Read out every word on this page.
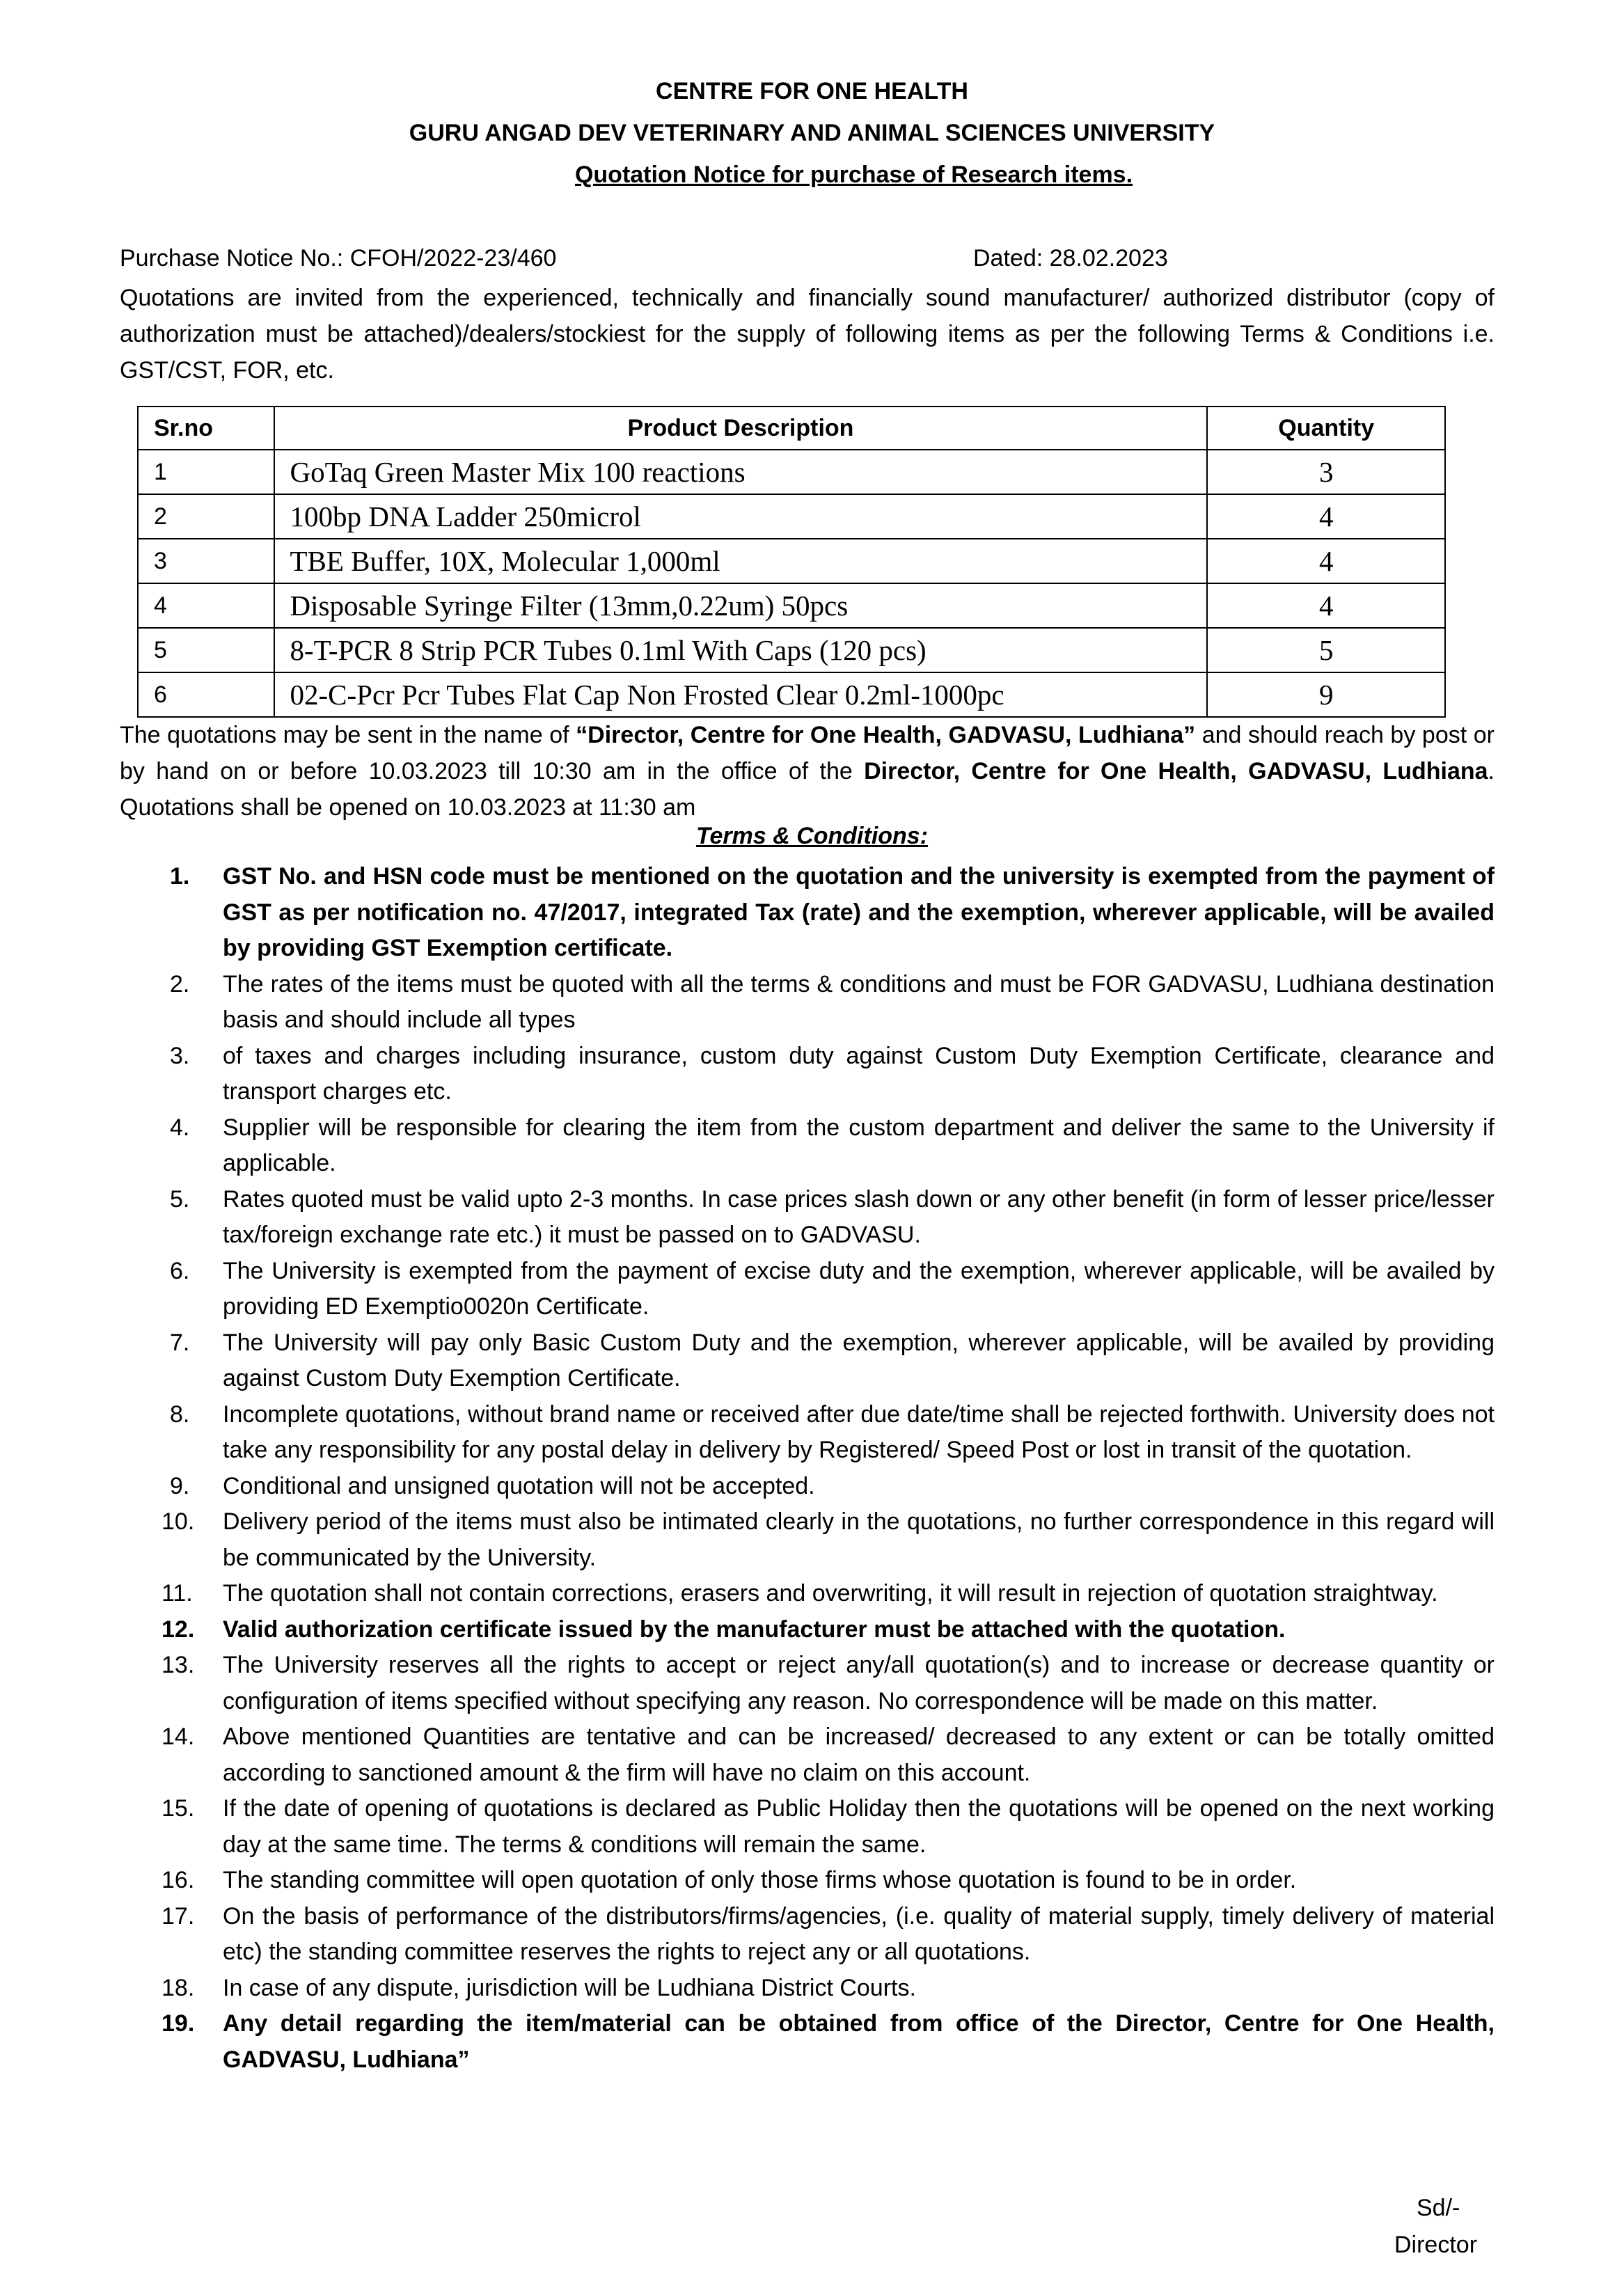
CENTRE FOR ONE HEALTH
GURU ANGAD DEV VETERINARY AND ANIMAL SCIENCES UNIVERSITY
Quotation Notice for purchase of Research items.
Purchase Notice No.: CFOH/2022-23/460	Dated: 28.02.2023
Quotations are invited from the experienced, technically and financially sound manufacturer/ authorized distributor (copy of authorization must be attached)/dealers/stockiest for the supply of following items as per the following Terms & Conditions i.e. GST/CST, FOR, etc.
Sr.no	Product Description	Quantity
1	GoTaq Green Master Mix 100 reactions	3
2	100bp DNA Ladder 250microl	4
3	TBE Buffer, 10X, Molecular 1,000ml	4
4	Disposable Syringe Filter (13mm,0.22um) 50pcs	4
5	8-T-PCR 8 Strip PCR Tubes 0.1ml With Caps (120 pcs)	5
6	02-C-Pcr Pcr Tubes Flat Cap Non Frosted Clear 0.2ml-1000pc	9
The quotations may be sent in the name of “Director, Centre for One Health, GADVASU, Ludhiana” and should reach by post or by hand on or before 10.03.2023 till 10:30 am in the office of the Director, Centre for One Health, GADVASU, Ludhiana. Quotations shall be opened on 10.03.2023 at 11:30 am
Terms & Conditions:
1.	GST No. and HSN code must be mentioned on the quotation and the university is exempted from the payment of GST as per notification no. 47/2017, integrated Tax (rate) and the exemption, wherever applicable, will be availed by providing GST Exemption certificate.
2.	The rates of the items must be quoted with all the terms & conditions and must be FOR GADVASU, Ludhiana destination basis and should include all types
3.	of taxes and charges including insurance, custom duty against Custom Duty Exemption Certificate, clearance and transport charges etc.
4.	Supplier will be responsible for clearing the item from the custom department and deliver the same to the University if applicable.
5.	Rates quoted must be valid upto 2-3 months. In case prices slash down or any other benefit (in form of lesser price/lesser tax/foreign exchange rate etc.) it must be passed on to GADVASU.
6.	The University is exempted from the payment of excise duty and the exemption, wherever applicable, will be availed by providing ED Exemptio0020n Certificate.
7.	The University will pay only Basic Custom Duty and the exemption, wherever applicable, will be availed by providing against Custom Duty Exemption Certificate.
8.	Incomplete quotations, without brand name or received after due date/time shall be rejected forthwith. University does not take any responsibility for any postal delay in delivery by Registered/ Speed Post or lost in transit of the quotation.
9.	Conditional and unsigned quotation will not be accepted.
10.	Delivery period of the items must also be intimated clearly in the quotations, no further correspondence in this regard will be communicated by the University.
11.	The quotation shall not contain corrections, erasers and overwriting, it will result in rejection of quotation straightway.
12.	Valid authorization certificate issued by the manufacturer must be attached with the quotation.
13.	The University reserves all the rights to accept or reject any/all quotation(s) and to increase or decrease quantity or configuration of items specified without specifying any reason. No correspondence will be made on this matter.
14.	Above mentioned Quantities are tentative and can be increased/ decreased to any extent or can be totally omitted according to sanctioned amount & the firm will have no claim on this account.
15.	If the date of opening of quotations is declared as Public Holiday then the quotations will be opened on the next working day at the same time. The terms & conditions will remain the same.
16.	The standing committee will open quotation of only those firms whose quotation is found to be in order.
17.	On the basis of performance of the distributors/firms/agencies, (i.e. quality of material supply, timely delivery of material etc) the standing committee reserves the rights to reject any or all quotations.
18.	In case of any dispute, jurisdiction will be Ludhiana District Courts.
19.	Any detail regarding the item/material can be obtained from office of the Director, Centre for One Health, GADVASU, Ludhiana”
Sd/-
Director
